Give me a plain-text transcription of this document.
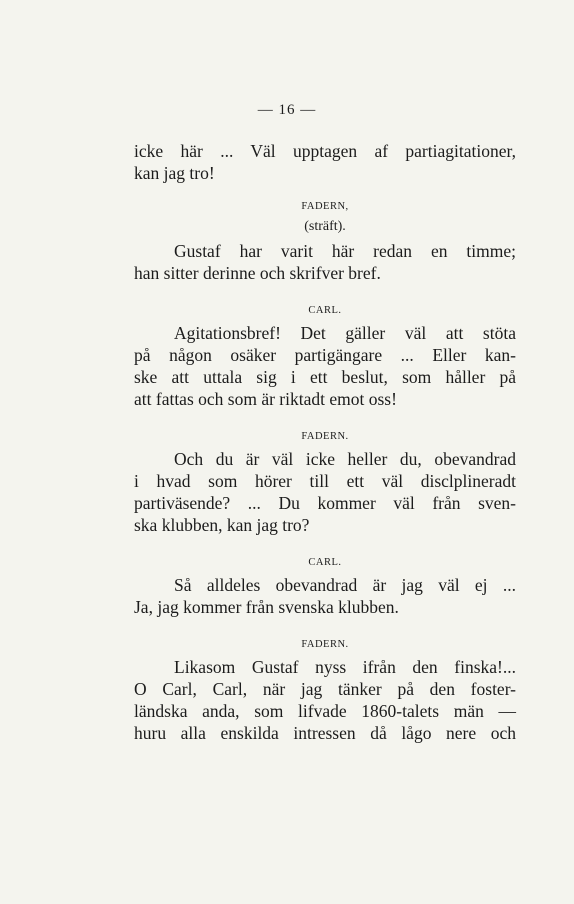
— 16 —
icke här ... Väl upptagen af partiagitationer,
kan jag tro!
FADERN,
(sträft).
Gustaf har varit här redan en timme;
han sitter derinne och skrifver bref.
CARL.
Agitationsbref! Det gäller väl att stöta
på någon osäker partigängare ... Eller kan-
ske att uttala sig i ett beslut, som håller på
att fattas och som är riktadt emot oss!
FADERN.
Och du är väl icke heller du, obevandrad
i hvad som hörer till ett väl disclplineradt
partiväsende? ... Du kommer väl från sven-
ska klubben, kan jag tro?
CARL.
Så alldeles obevandrad är jag väl ej ...
Ja, jag kommer från svenska klubben.
FADERN.
Likasom Gustaf nyss ifrån den finska!...
O Carl, Carl, när jag tänker på den foster-
ländska anda, som lifvade 1860-talets män —
huru alla enskilda intressen då lågo nere och
